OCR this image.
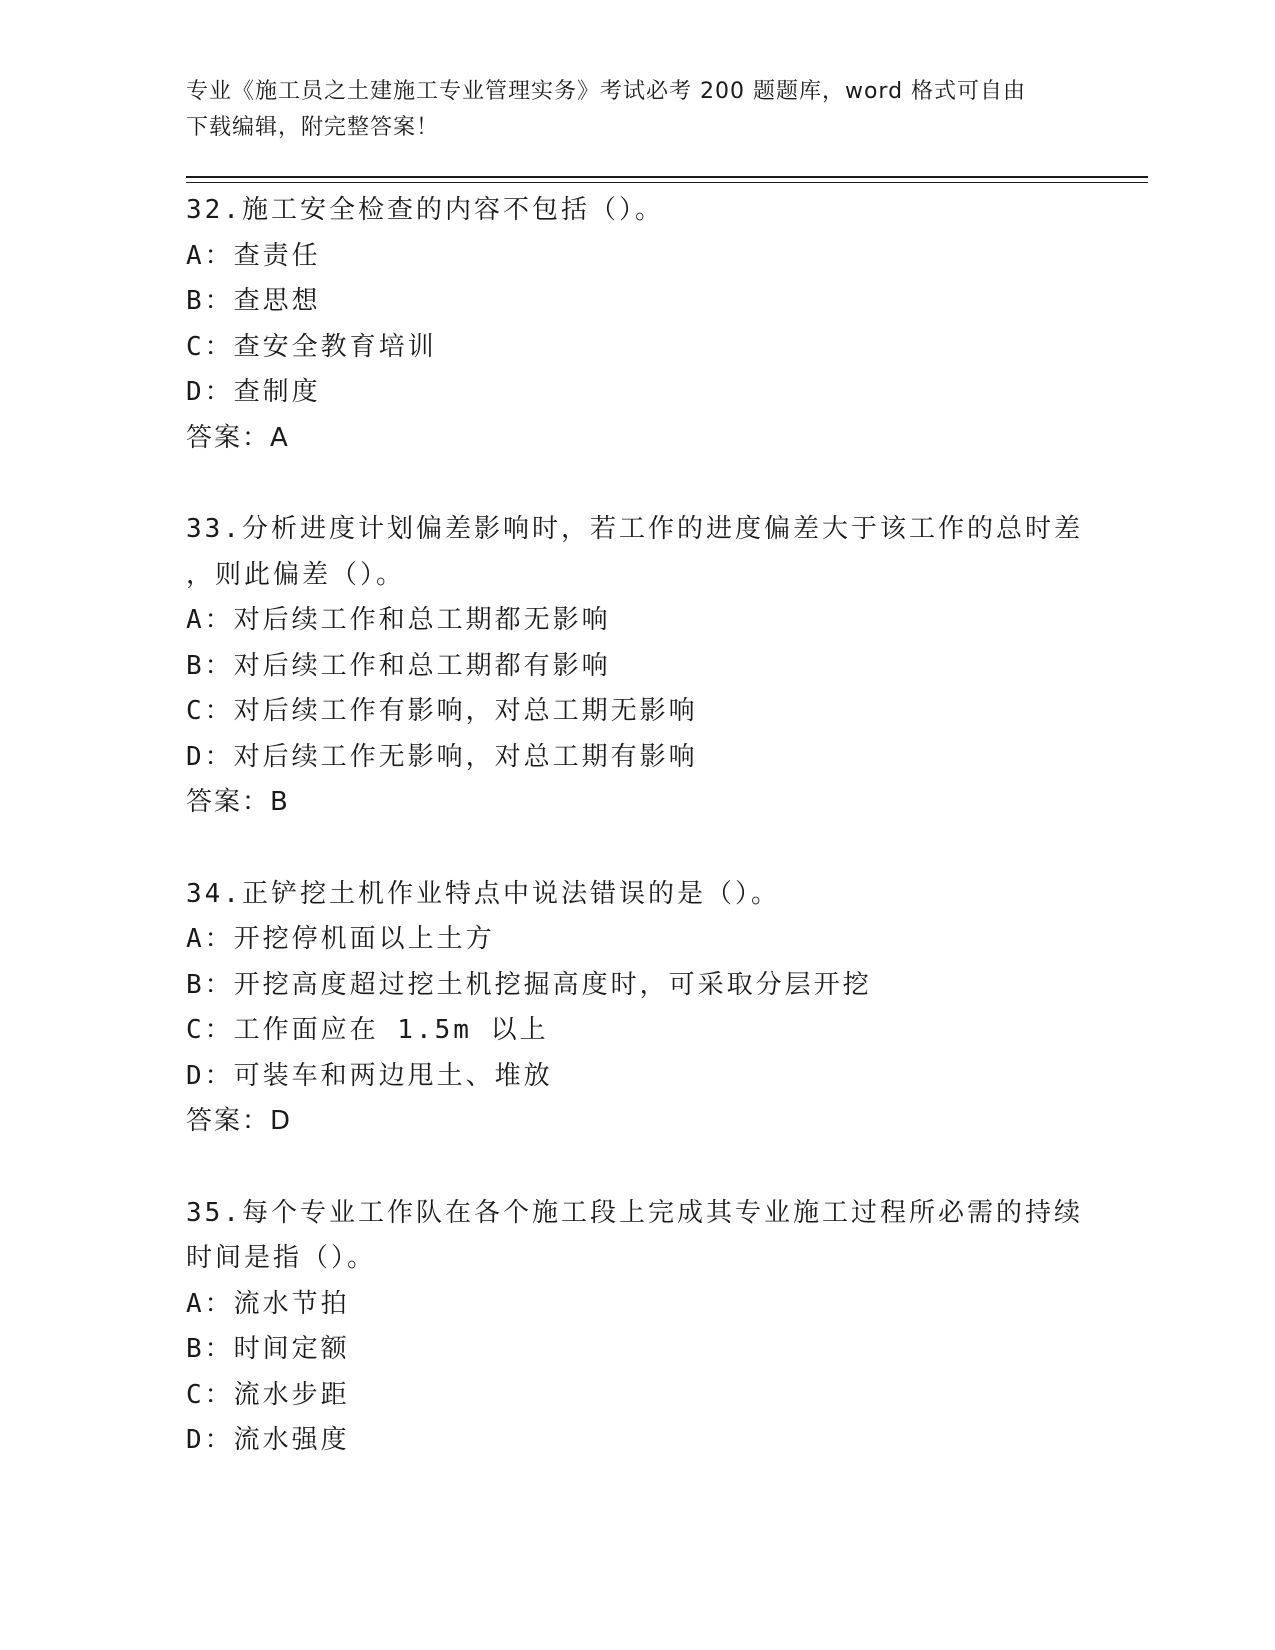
专业《施工员之土建施工专业管理实务》考试必考 200 题题库，word 格式可自由
下载编辑，附完整答案！
32.施工安全检查的内容不包括（）。
A：查责任
B：查思想
C：查安全教育培训
D：查制度
答案：A
33.分析进度计划偏差影响时，若工作的进度偏差大于该工作的总时差
，则此偏差（）。
A：对后续工作和总工期都无影响
B：对后续工作和总工期都有影响
C：对后续工作有影响，对总工期无影响
D：对后续工作无影响，对总工期有影响
答案：B
34.正铲挖土机作业特点中说法错误的是（）。
A：开挖停机面以上土方
B：开挖高度超过挖土机挖掘高度时，可采取分层开挖
C：工作面应在 1.5m 以上
D：可装车和两边甩土、堆放
答案：D
35.每个专业工作队在各个施工段上完成其专业施工过程所必需的持续
时间是指（）。
A：流水节拍
B：时间定额
C：流水步距
D：流水强度
